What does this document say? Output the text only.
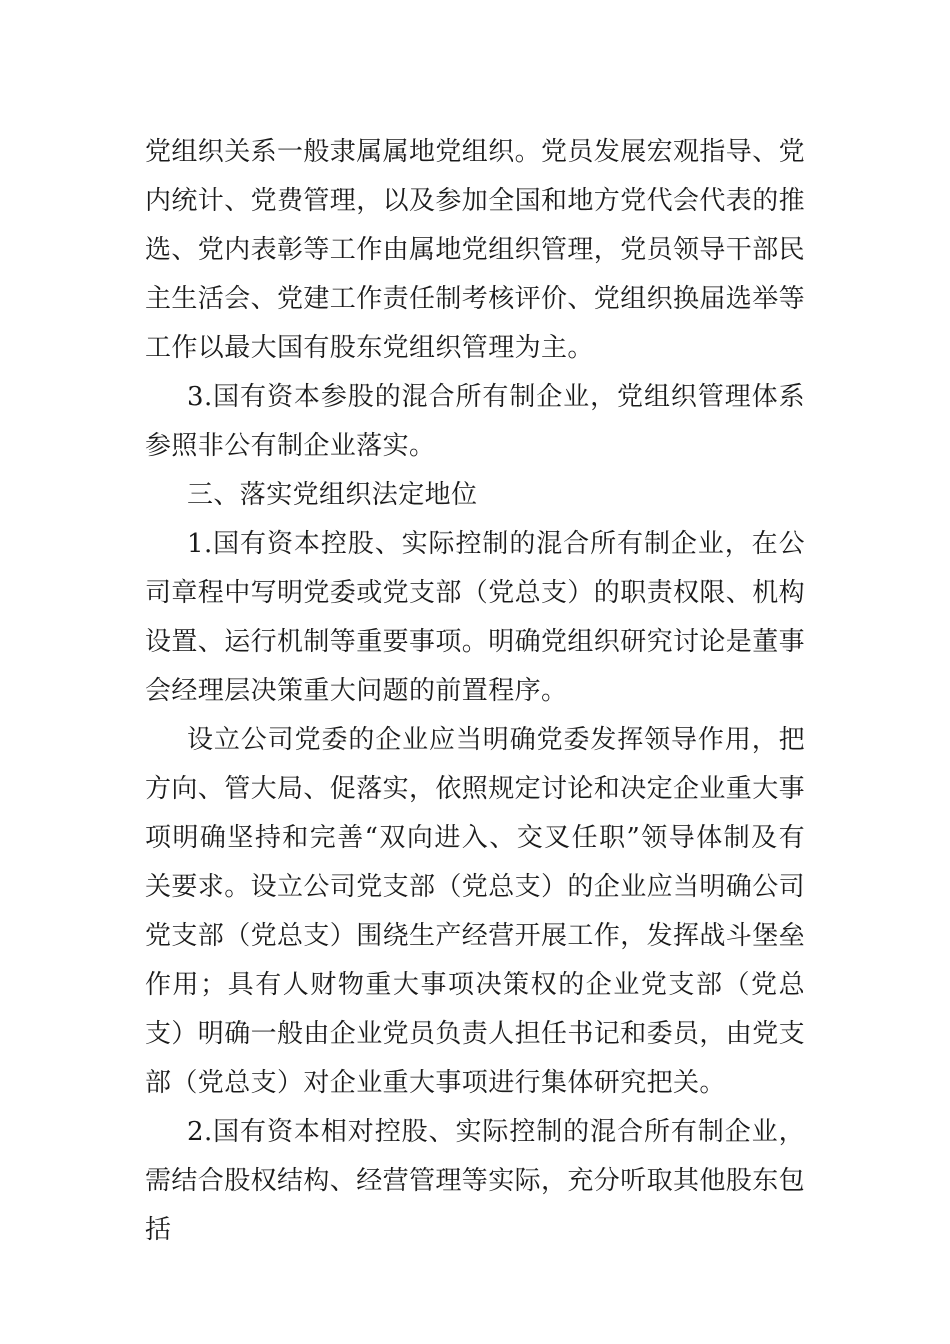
党组织关系一般隶属属地党组织。党员发展宏观指导、党内统计、党费管理，以及参加全国和地方党代会代表的推选、党内表彰等工作由属地党组织管理，党员领导干部民主生活会、党建工作责任制考核评价、党组织换届选举等工作以最大国有股东党组织管理为主。

3.国有资本参股的混合所有制企业，党组织管理体系参照非公有制企业落实。

三、落实党组织法定地位

1.国有资本控股、实际控制的混合所有制企业，在公司章程中写明党委或党支部（党总支）的职责权限、机构设置、运行机制等重要事项。明确党组织研究讨论是董事会经理层决策重大问题的前置程序。

设立公司党委的企业应当明确党委发挥领导作用，把方向、管大局、促落实，依照规定讨论和决定企业重大事项明确坚持和完善“双向进入、交叉任职”领导体制及有关要求。设立公司党支部（党总支）的企业应当明确公司党支部（党总支）围绕生产经营开展工作，发挥战斗堡垒作用；具有人财物重大事项决策权的企业党支部（党总支）明确一般由企业党员负责人担任书记和委员，由党支部（党总支）对企业重大事项进行集体研究把关。

2.国有资本相对控股、实际控制的混合所有制企业，需结合股权结构、经营管理等实际，充分听取其他股东包括
